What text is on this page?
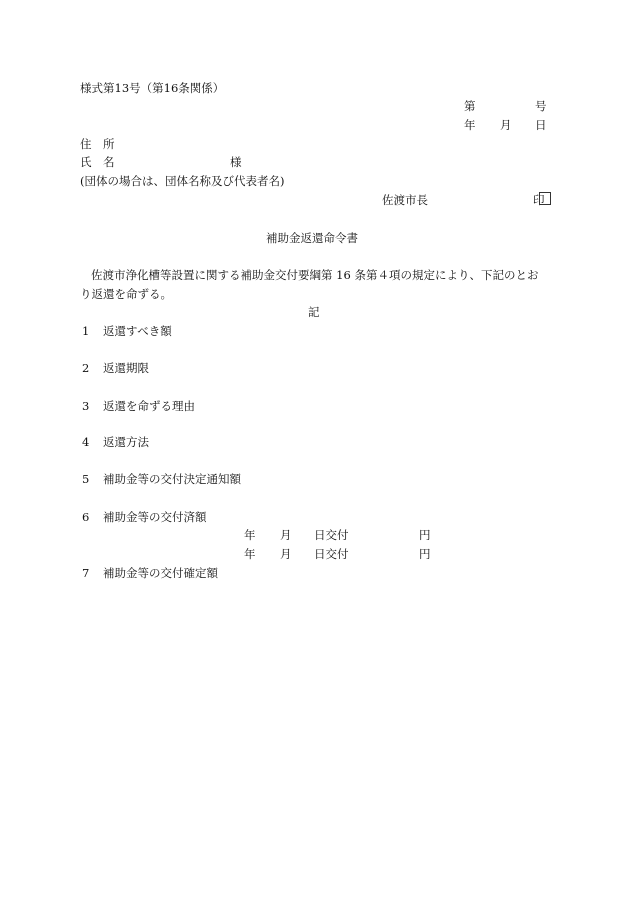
様式第13号（第16条関係）
第	号
年 月 日
住　所
氏　名	様
(団体の場合は、団体名称及び代表者名)
佐渡市長	印
補助金返還命令書
佐渡市浄化槽等設置に関する補助金交付要綱第 16 条第４項の規定により、下記のとお
り返還を命ずる。
記
1 返還すべき額
2 返還期限
3 返還を命ずる理由
4 返還方法
5 補助金等の交付決定通知額
6 補助金等の交付済額
年 月 日交付	円
年 月 日交付	円
7 補助金等の交付確定額
